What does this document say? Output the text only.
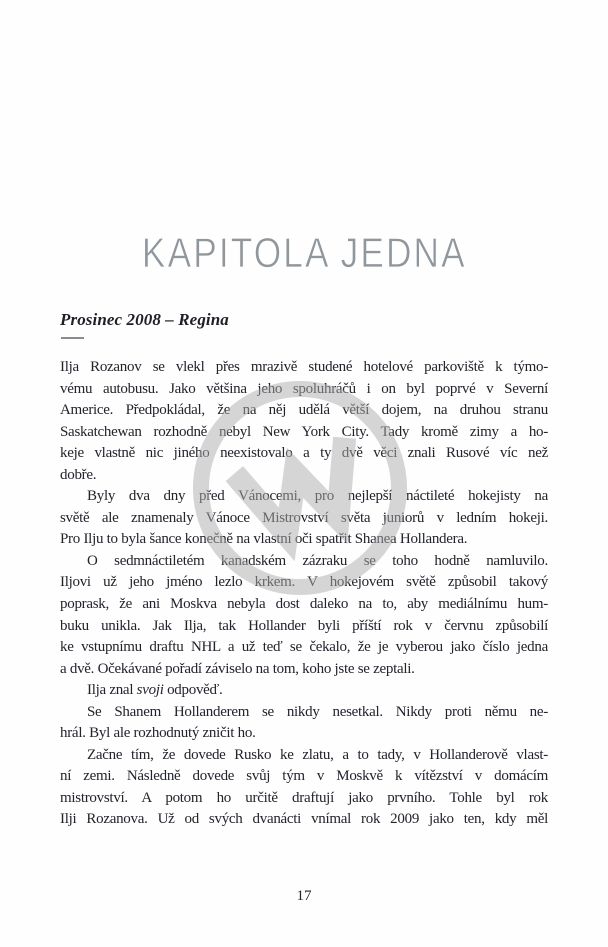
KAPITOLA JEDNA
Prosinec 2008 – Regina
Ilja Rozanov se vlekl přes mrazivě studené hotelové parkoviště k týmo-
vému autobusu. Jako většina jeho spoluhráčů i on byl poprvé v Severní
Americe. Předpokládal, že na něj udělá větší dojem, na druhou stranu
Saskatchewan rozhodně nebyl New York City. Tady kromě zimy a ho-
keje vlastně nic jiného neexistovalo a ty dvě věci znali Rusové víc než
dobře.
Byly dva dny před Vánocemi, pro nejlepší náctileté hokejisty na
světě ale znamenaly Vánoce Mistrovství světa juniorů v ledním hokeji.
Pro Ilju to byla šance konečně na vlastní oči spatřit Shanea Hollandera.
O sedmnáctiletém kanadském zázraku se toho hodně namluvilo.
Iljovi už jeho jméno lezlo krkem. V hokejovém světě způsobil takový
poprask, že ani Moskva nebyla dost daleko na to, aby mediálnímu hum-
buku unikla. Jak Ilja, tak Hollander byli příští rok v červnu způsobilí
ke vstupnímu draftu NHL a už teď se čekalo, že je vyberou jako číslo jedna
a dvě. Očekávané pořadí záviselo na tom, koho jste se zeptali.
Ilja znal svoji odpověď.
Se Shanem Hollanderem se nikdy nesetkal. Nikdy proti němu ne-
hrál. Byl ale rozhodnutý zničit ho.
Začne tím, že dovede Rusko ke zlatu, a to tady, v Hollanderově vlast-
ní zemi. Následně dovede svůj tým v Moskvě k vítězství v domácím
mistrovství. A potom ho určitě draftují jako prvního. Tohle byl rok
Ilji Rozanova. Už od svých dvanácti vnímal rok 2009 jako ten, kdy měl
17
